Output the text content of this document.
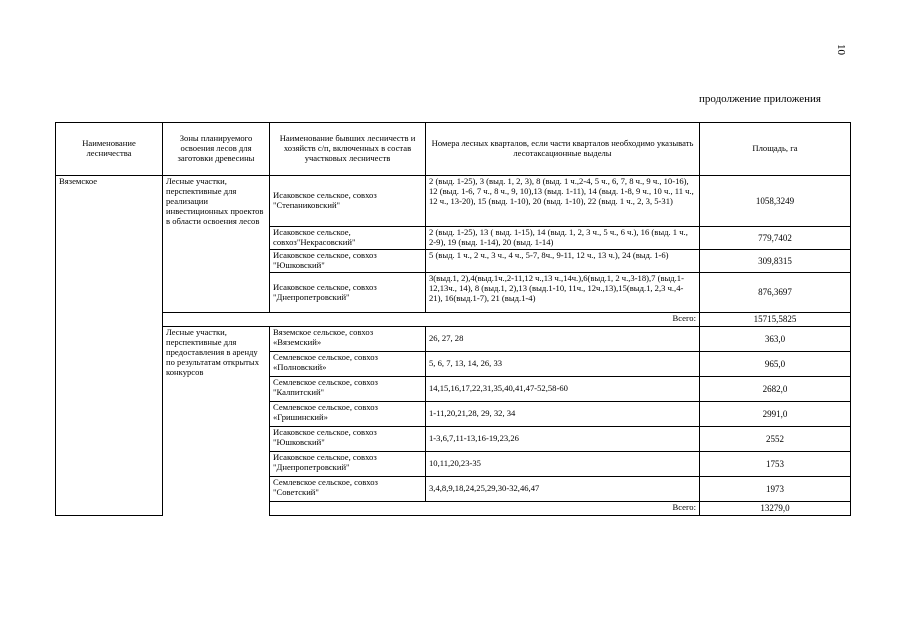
10
продолжение приложения
Наименование лесничества	Зоны планируемого освоения лесов для заготовки древесины	Наименование бывших лесничеств и хозяйств с/п, включенных в состав участковых лесничеств	Номера лесных кварталов, если части кварталов необходимо указывать лесотаксационные выделы	Площадь, га
Вяземское	Лесные участки, перспективные для реализации инвестиционных проектов в области освоения лесов	Исаковское сельское, совхоз "Степаниковский"	2 (выд. 1-25), 3 (выд. 1, 2, 3), 8 (выд. 1 ч.,2-4, 5 ч., 6, 7, 8 ч., 9 ч., 10-16), 12 (выд. 1-6, 7 ч., 8 ч., 9, 10),13 (выд. 1-11), 14 (выд. 1-8, 9 ч., 10 ч., 11 ч., 12 ч., 13-20), 15 (выд. 1-10), 20 (выд. 1-10), 22 (выд. 1 ч., 2, 3, 5-31)	1058,3249
		Исаковское сельское, совхоз"Некрасовский"	2 (выд. 1-25), 13 ( выд. 1-15), 14 (выд. 1, 2, 3 ч., 5 ч., 6 ч.), 16 (выд. 1 ч., 2-9), 19 (выд. 1-14), 20 (выд. 1-14)	779,7402
		Исаковское сельское, совхоз "Юшковский"	5 (выд. 1 ч., 2 ч., 3 ч., 4 ч., 5-7, 8ч., 9-11, 12 ч., 13 ч.), 24 (выд. 1-6)	309,8315
		Исаковское сельское, совхоз "Днепропетровский"	3(выд.1, 2),4(выд.1ч.,2-11,12 ч.,13 ч.,14ч.),6(выд.1, 2 ч.,3-18),7 (выд.1-12,13ч., 14), 8 (выд.1, 2),13 (выд.1-10, 11ч., 12ч.,13),15(выд.1, 2,3 ч.,4-21), 16(выд.1-7), 21 (выд.1-4)	876,3697
	Всего:			15715,5825
	Лесные участки, перспективные для предоставления в аренду по результатам открытых конкурсов	Вяземское сельское, совхоз «Вяземский»	26, 27, 28	363,0
		Семлевское сельское, совхоз «Полновский»	5, 6, 7, 13, 14, 26, 33	965,0
		Семлевское сельское, совхоз "Калпитский"	14,15,16,17,22,31,35,40,41,47-52,58-60	2682,0
		Семлевское сельское, совхоз «Гришинский»	1-11,20,21,28, 29, 32, 34	2991,0
		Исаковское сельское, совхоз "Юшковский"	1-3,6,7,11-13,16-19,23,26	2552
		Исаковское сельское, совхоз "Днепропетровский"	10,11,20,23-35	1753
		Семлевское сельское, совхоз "Советский"	3,4,8,9,18,24,25,29,30-32,46,47	1973
		Всего:		13279,0
